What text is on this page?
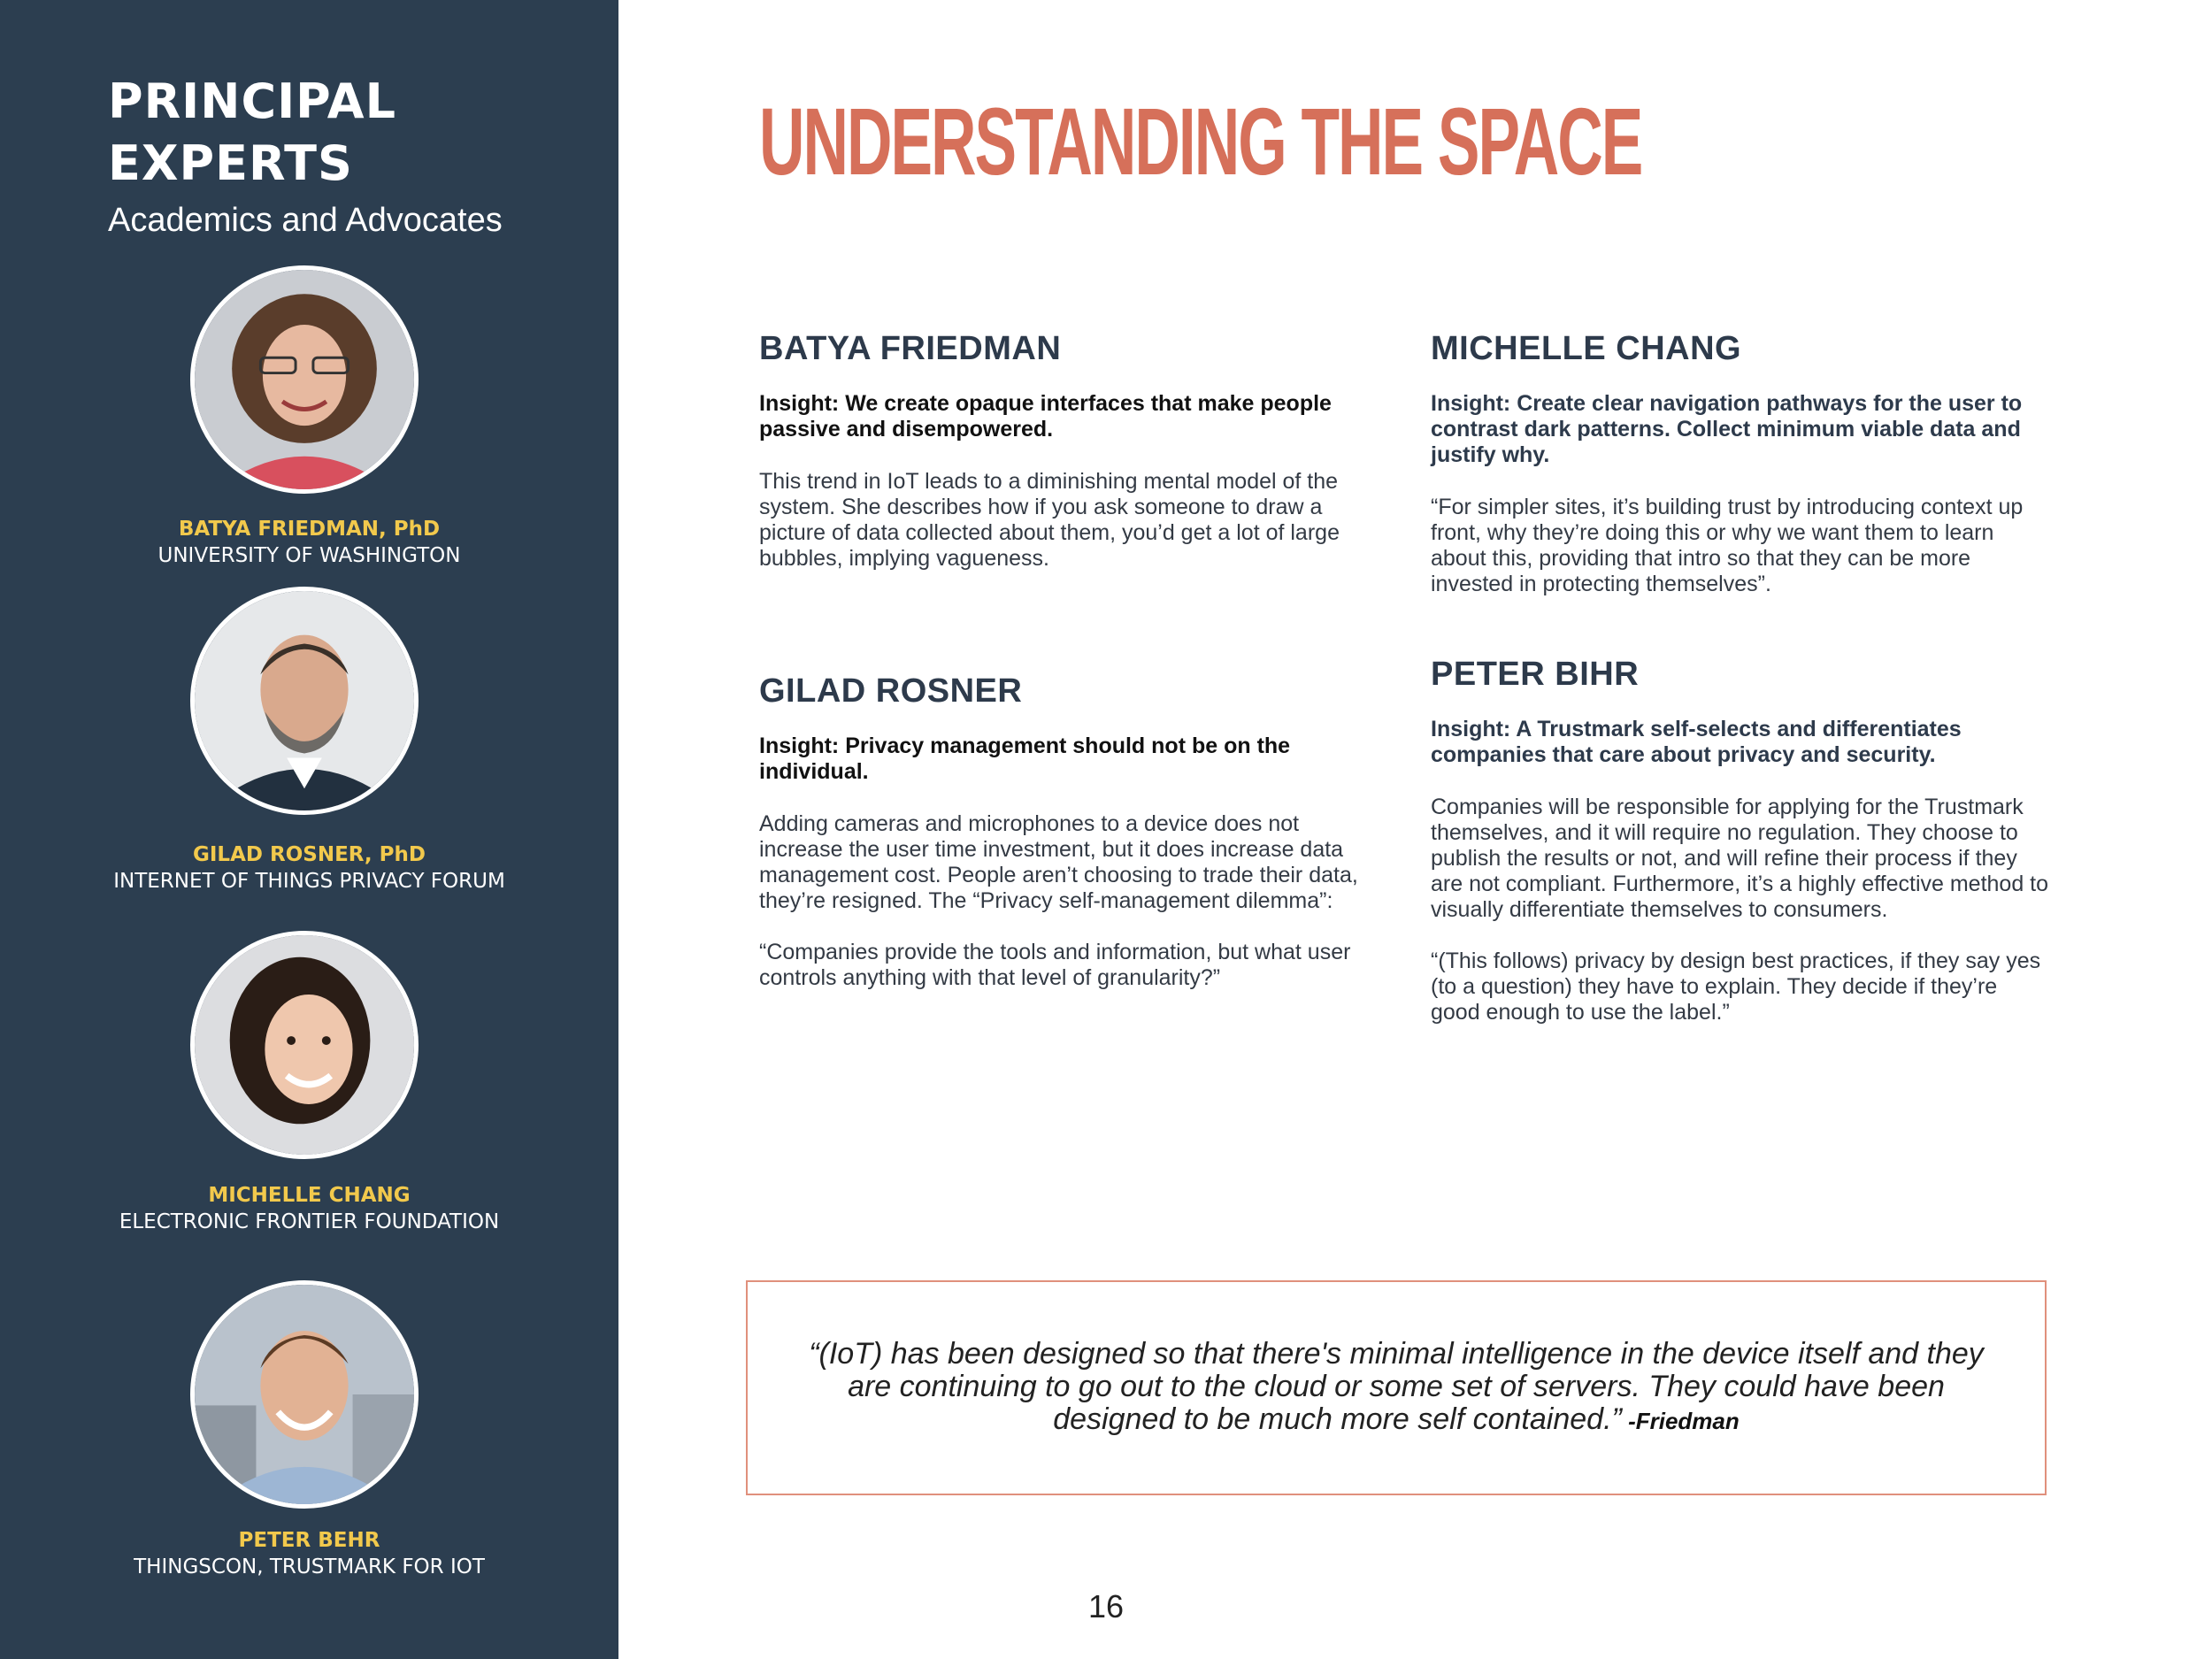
PRINCIPAL
EXPERTS
Academics and Advocates
BATYA FRIEDMAN, PhD
UNIVERSITY OF WASHINGTON
GILAD ROSNER, PhD
INTERNET OF THINGS PRIVACY FORUM
MICHELLE CHANG
ELECTRONIC FRONTIER FOUNDATION
PETER BEHR
THINGSCON, TRUSTMARK FOR IOT
UNDERSTANDING THE SPACE
BATYA FRIEDMAN

Insight: We create opaque interfaces that make people passive and disempowered.

This trend in IoT leads to a diminishing mental model of the system. She describes how if you ask someone to draw a picture of data collected about them, you’d get a lot of large bubbles, implying vagueness.

MICHELLE CHANG

Insight: Create clear navigation pathways for the user to contrast dark patterns. Collect minimum viable data and justify why.

“For simpler sites, it’s building trust by introducing context up front, why they’re doing this or why we want them to learn about this, providing that intro so that they can be more invested in protecting themselves”.

GILAD ROSNER

Insight: Privacy management should not be on the individual.

Adding cameras and microphones to a device does not increase the user time investment, but it does increase data management cost. People aren’t choosing to trade their data, they’re resigned. The “Privacy self-management dilemma”:

“Companies provide the tools and information, but what user controls anything with that level of granularity?”

PETER BIHR

Insight: A Trustmark self-selects and differentiates companies that care about privacy and security.

Companies will be responsible for applying for the Trustmark themselves, and it will require no regulation. They choose to publish the results or not, and will refine their process if they are not compliant. Furthermore, it’s a highly effective method to visually differentiate themselves to consumers.

“(This follows) privacy by design best practices, if they say yes (to a question) they have to explain. They decide if they’re good enough to use the label.”

“(IoT) has been designed so that there's minimal intelligence in the device itself and they are continuing to go out to the cloud or some set of servers. They could have been designed to be much more self contained.” -Friedman
16
